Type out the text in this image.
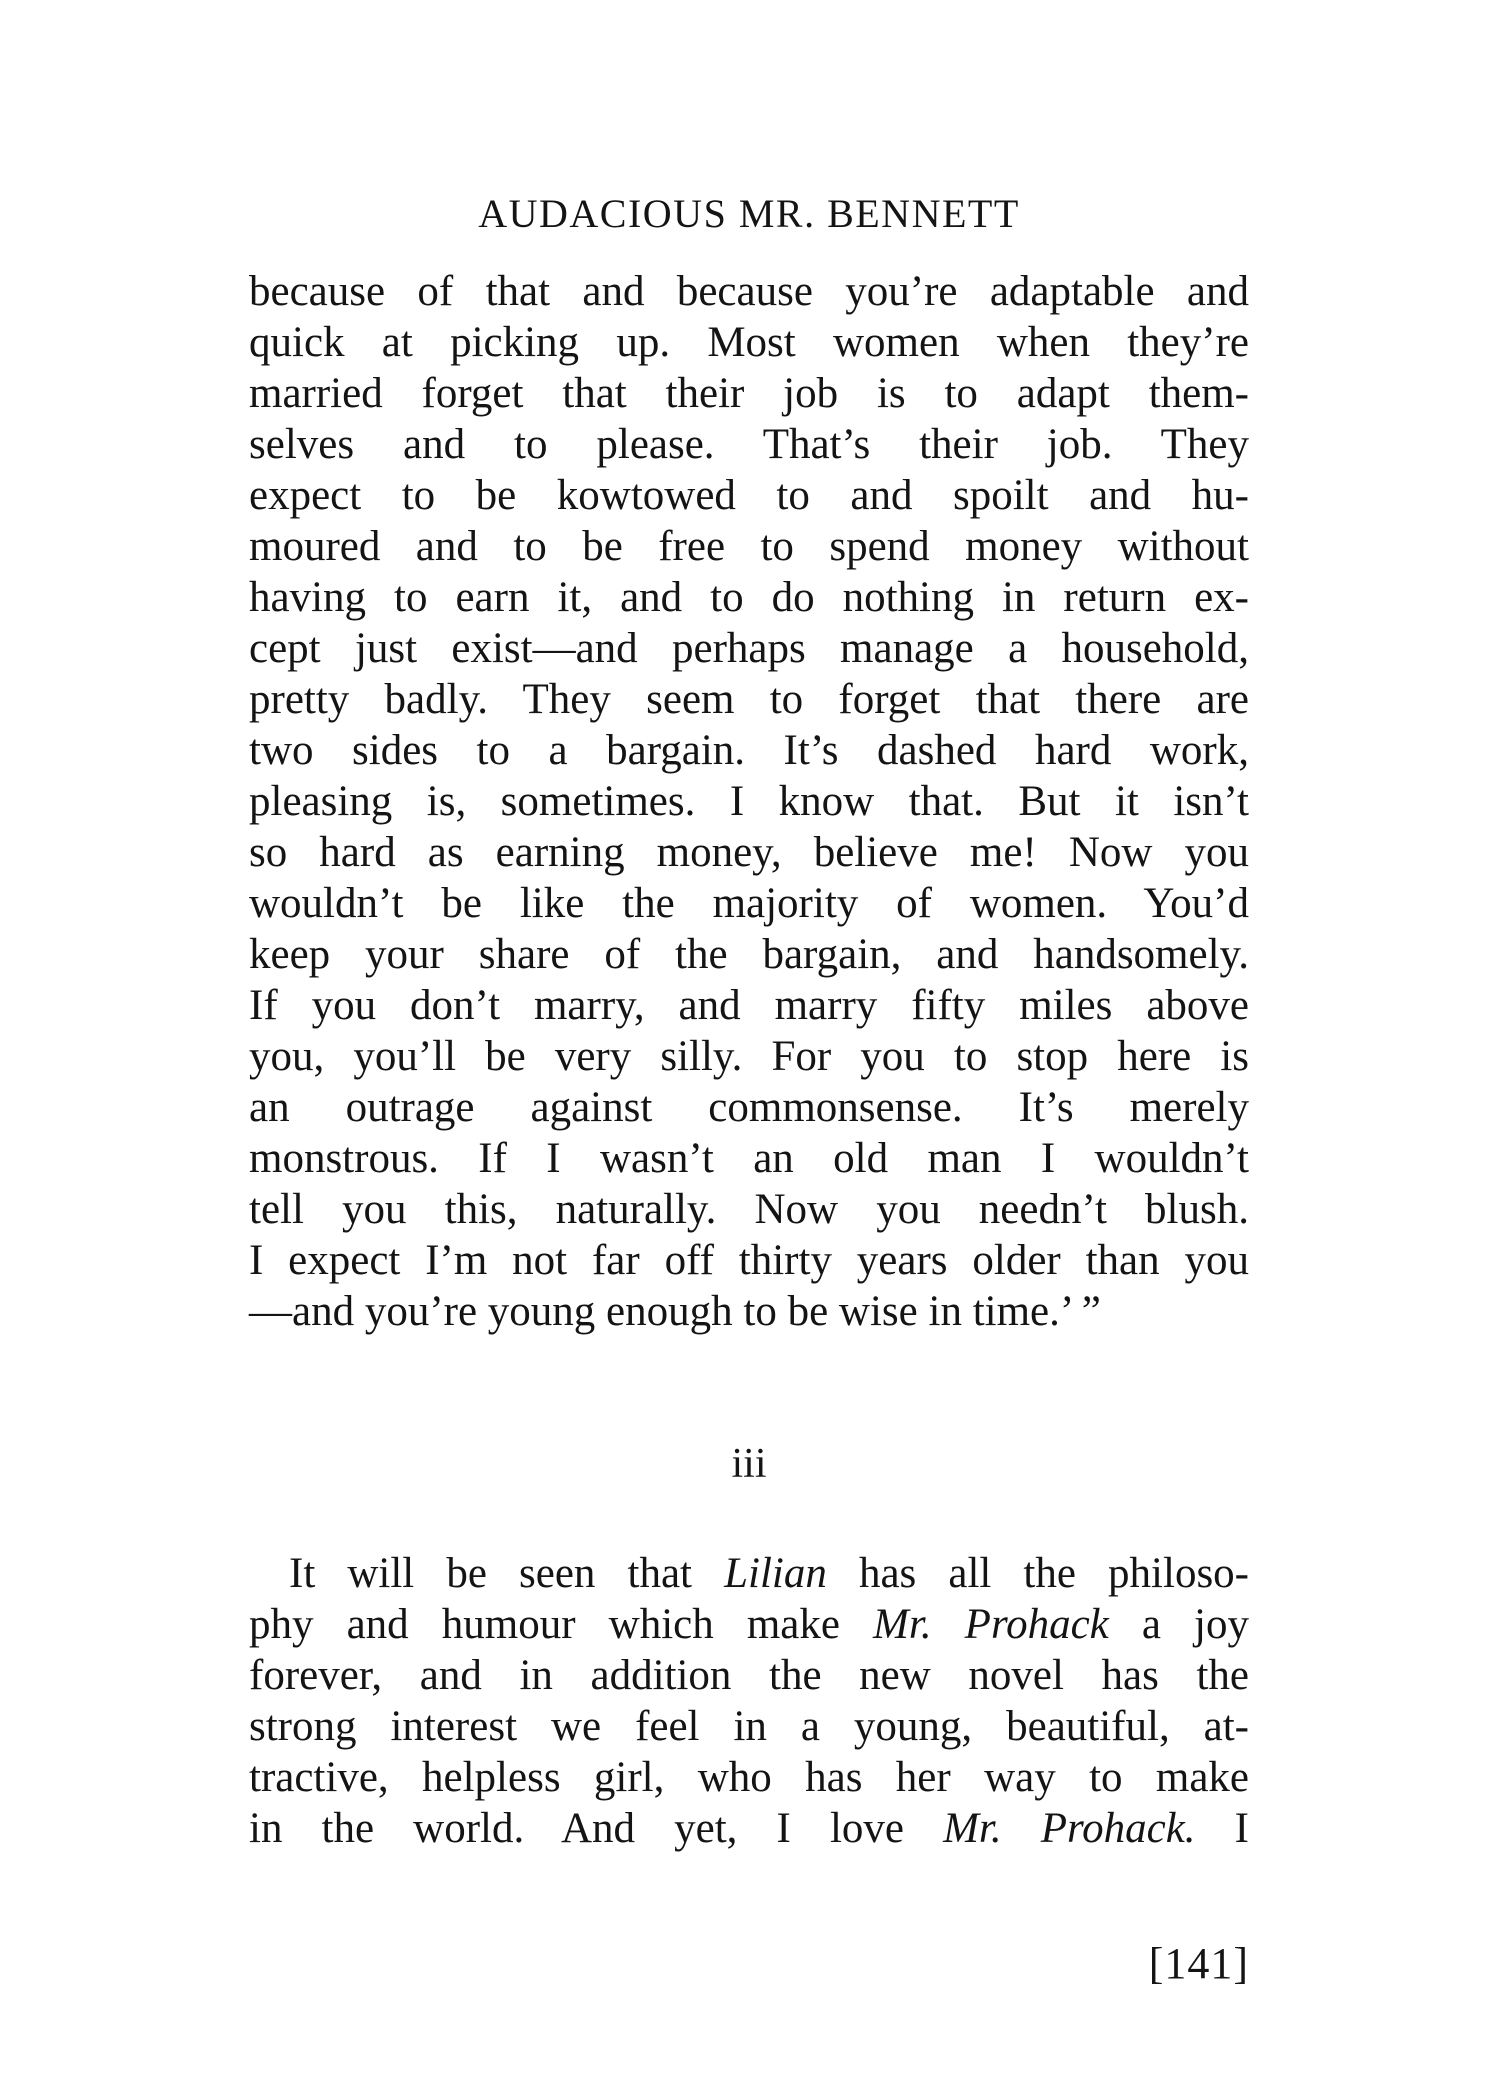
AUDACIOUS MR. BENNETT
because of that and because you’re adaptable and
quick at picking up. Most women when they’re
married forget that their job is to adapt them-
selves and to please. That’s their job. They
expect to be kowtowed to and spoilt and hu-
moured and to be free to spend money without
having to earn it, and to do nothing in return ex-
cept just exist—and perhaps manage a household,
pretty badly. They seem to forget that there are
two sides to a bargain. It’s dashed hard work,
pleasing is, sometimes. I know that. But it isn’t
so hard as earning money, believe me! Now you
wouldn’t be like the majority of women. You’d
keep your share of the bargain, and handsomely.
If you don’t marry, and marry fifty miles above
you, you’ll be very silly. For you to stop here is
an outrage against commonsense. It’s merely
monstrous. If I wasn’t an old man I wouldn’t
tell you this, naturally. Now you needn’t blush.
I expect I’m not far off thirty years older than you
—and you’re young enough to be wise in time.’ ”
iii
It will be seen that Lilian has all the philoso-
phy and humour which make Mr. Prohack a joy
forever, and in addition the new novel has the
strong interest we feel in a young, beautiful, at-
tractive, helpless girl, who has her way to make
in the world. And yet, I love Mr. Prohack. I
[141]
